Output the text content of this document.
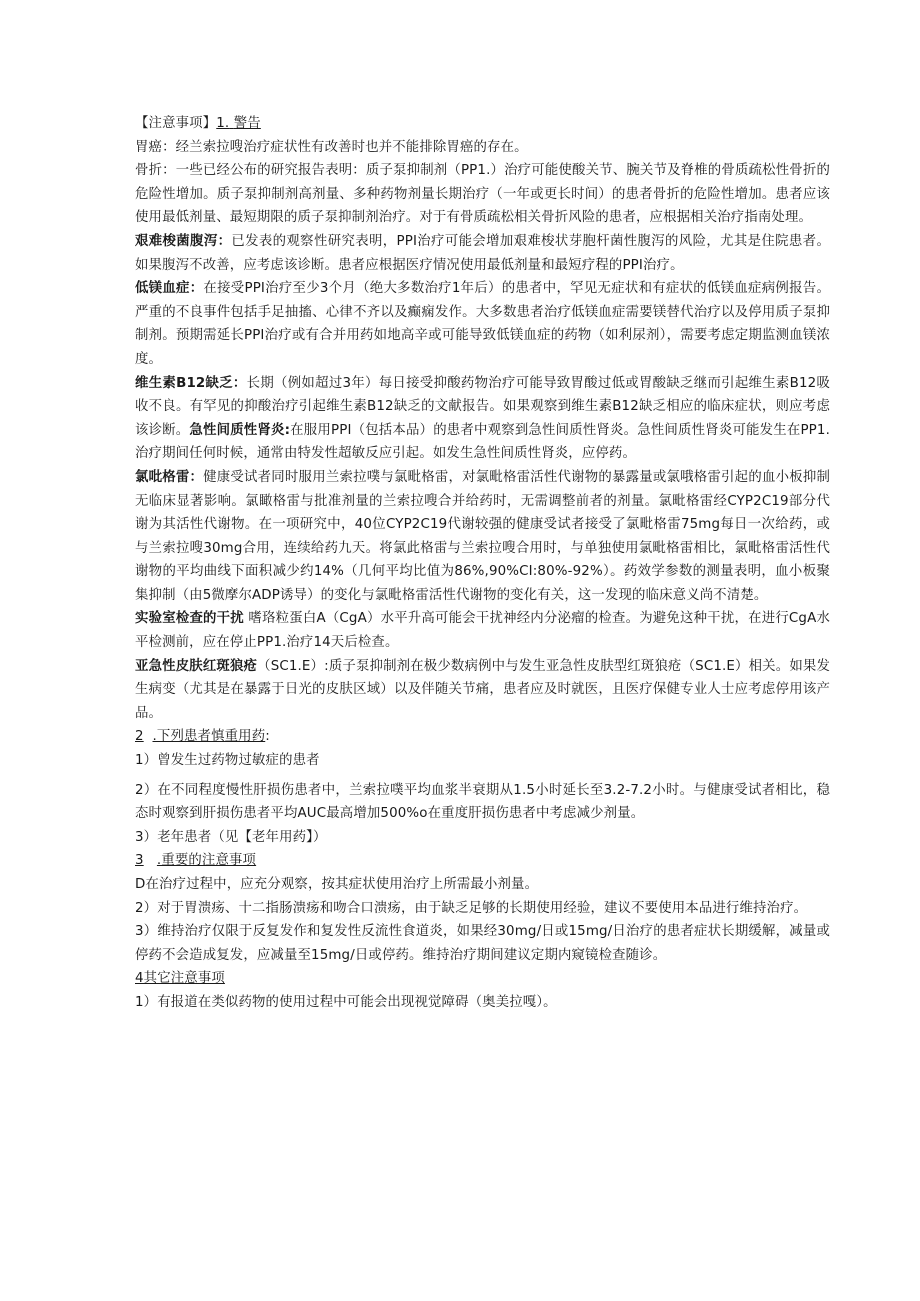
【注意事项】1. 警告

胃癌：经兰索拉嗖治疗症状性有改善时也并不能排除胃癌的存在。

骨折：一些已经公布的研究报告表明：质子泵抑制剂（PP1.）治疗可能使酸关节、腕关节及脊椎的骨质疏松性骨折的危险性增加。质子泵抑制剂高剂量、多种药物剂量长期治疗（一年或更长时间）的患者骨折的危险性增加。患者应该使用最低剂量、最短期限的质子泵抑制剂治疗。对于有骨质疏松相关骨折风险的患者，应根据相关治疗指南处理。

艰难梭菌腹泻：已发表的观察性研究表明，PPI治疗可能会增加艰难梭状芽胞杆菌性腹泻的风险，尤其是住院患者。如果腹泻不改善，应考虑该诊断。患者应根据医疗情况使用最低剂量和最短疗程的PPI治疗。

低镁血症：在接受PPI治疗至少3个月（绝大多数治疗1年后）的患者中，罕见无症状和有症状的低镁血症病例报告。严重的不良事件包括手足抽搐、心律不齐以及癫痫发作。大多数患者治疗低镁血症需要镁替代治疗以及停用质子泵抑制剂。预期需延长PPI治疗或有合并用药如地高辛或可能导致低镁血症的药物（如利尿剂），需要考虑定期监测血镁浓度。

维生素B12缺乏：长期（例如超过3年）每日接受抑酸药物治疗可能导致胃酸过低或胃酸缺乏继而引起维生素B12吸收不良。有罕见的抑酸治疗引起维生素B12缺乏的文献报告。如果观察到维生素B12缺乏相应的临床症状，则应考虑该诊断。急性间质性肾炎:在服用PPI（包括本品）的患者中观察到急性间质性肾炎。急性间质性肾炎可能发生在PP1.治疗期间任何时候，通常由特发性超敏反应引起。如发生急性间质性肾炎，应停药。

氯吡格雷：健康受试者同时服用兰索拉噗与氯毗格雷，对氯毗格雷活性代谢物的暴露量或氯哦格雷引起的血小板抑制无临床显著影响。氯瞰格雷与批准剂量的兰索拉嗖合并给药时，无需调整前者的剂量。氯毗格雷经CYP2C19部分代谢为其活性代谢物。在一项研究中，40位CYP2C19代谢较强的健康受试者接受了氯毗格雷75mg每日一次给药，或与兰索拉嗖30mg合用，连续给药九天。将氯此格雷与兰索拉嗖合用时，与单独使用氯毗格雷相比，氯毗格雷活性代谢物的平均曲线下面积减少约14%（几何平均比值为86%,90%CI:80%-92%）。药效学参数的测量表明，血小板聚集抑制（由5微摩尔ADP诱导）的变化与氯毗格雷活性代谢物的变化有关，这一发现的临床意义尚不清楚。

实验室检查的干扰 嗜珞粒蛋白A（CgA）水平升高可能会干扰神经内分泌瘤的检查。为避免这种干扰，在进行CgA水平检测前，应在停止PP1.治疗14天后检查。

亚急性皮肤红斑狼疮（SC1.E）:质子泵抑制剂在极少数病例中与发生亚急性皮肤型红斑狼疮（SC1.E）相关。如果发生病变（尤其是在暴露于日光的皮肤区域）以及伴随关节痛，患者应及时就医，且医疗保健专业人士应考虑停用该产品。

2 .下列患者慎重用药:

1）曾发生过药物过敏症的患者

2）在不同程度慢性肝损伤患者中，兰索拉噗平均血浆半衰期从1.5小时延长至3.2-7.2小时。与健康受试者相比，稳态时观察到肝损伤患者平均AUC最高增加500%o在重度肝损伤患者中考虑减少剂量。

3）老年患者（见【老年用药】）

3 .重要的注意事项

D在治疗过程中，应充分观察，按其症状使用治疗上所需最小剂量。

2）对于胃溃疡、十二指肠溃疡和吻合口溃疡，由于缺乏足够的长期使用经验，建议不要使用本品进行维持治疗。

3）维持治疗仅限于反复发作和复发性反流性食道炎，如果经30mg/日或15mg/日治疗的患者症状长期缓解，减量或停药不会造成复发，应减量至15mg/日或停药。维持治疗期间建议定期内窥镜检查随诊。

4其它注意事项

1）有报道在类似药物的使用过程中可能会出现视觉障碍（奥美拉嘎）。
